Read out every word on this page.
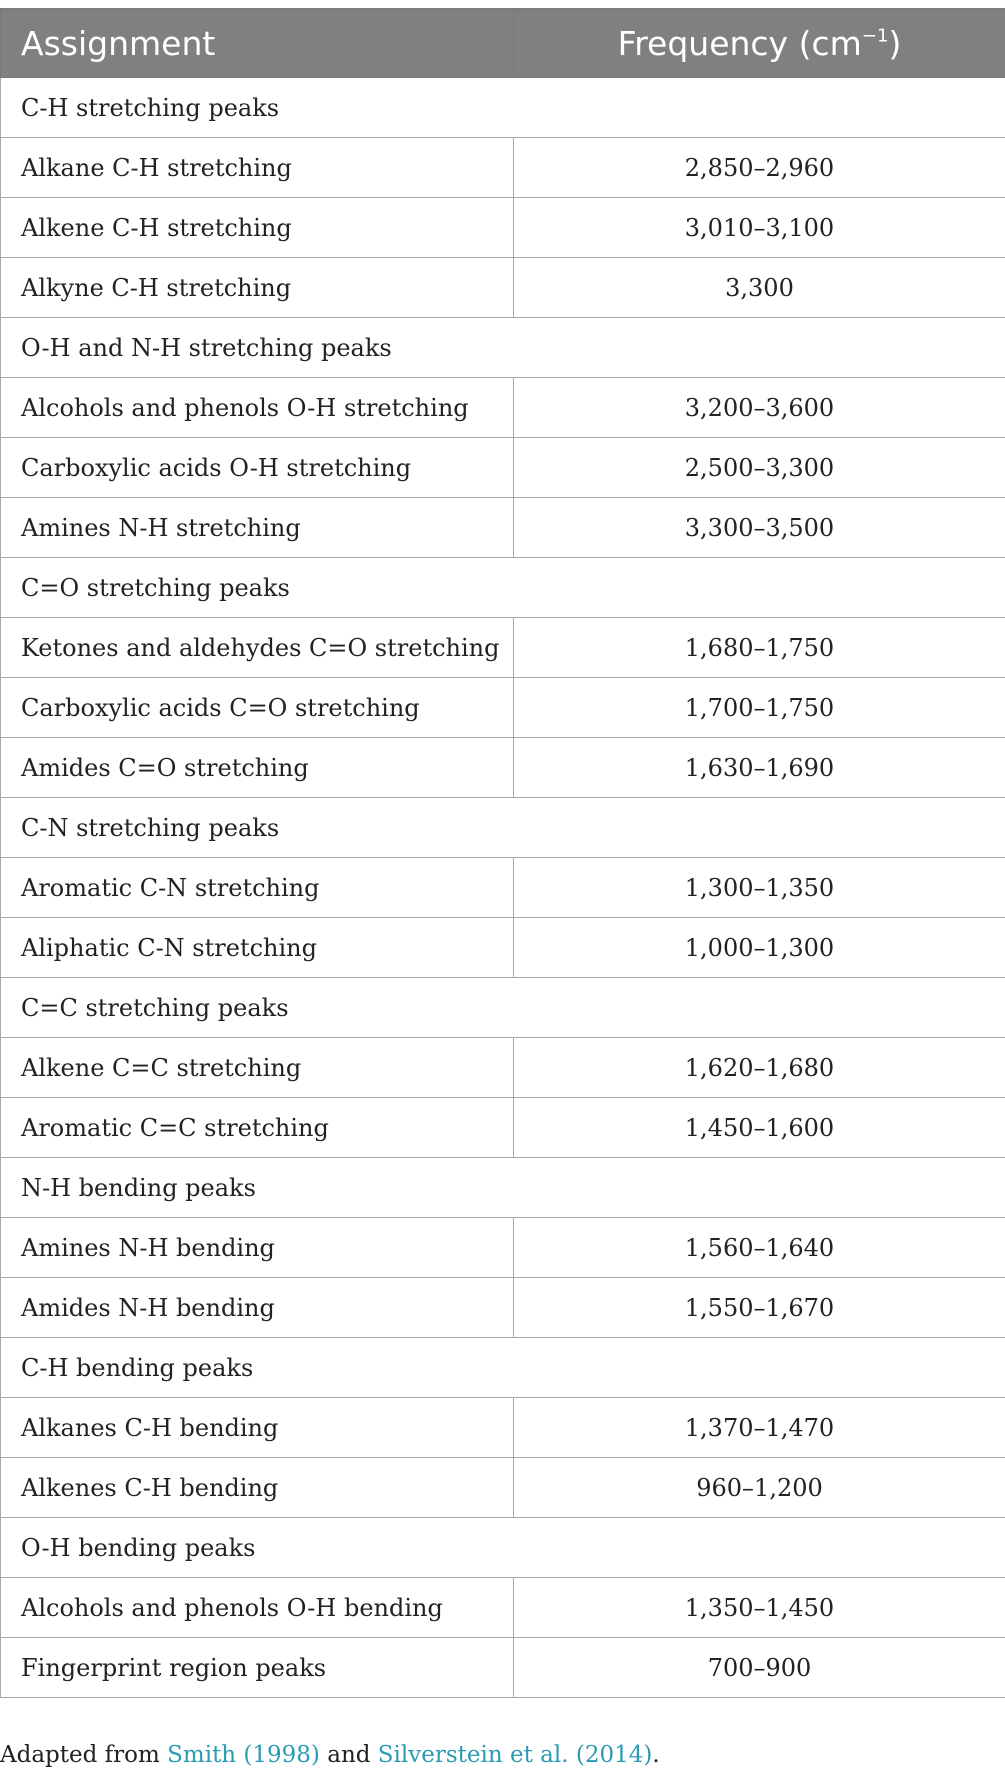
Assignment	Frequency $(cm^{-1})$
C-H stretching peaks	
Alkane C-H stretching	2,850–2,960
Alkene C-H stretching	3,010–3,100
Alkyne C-H stretching	3,300
O-H and N-H stretching peaks	
Alcohols and phenols O-H stretching	3,200–3,600
Carboxylic acids O-H stretching	2,500–3,300
Amines N-H stretching	3,300–3,500
C=O stretching peaks	
Ketones and aldehydes C=O stretching	1,680–1,750
Carboxylic acids C=O stretching	1,700–1,750
Amides C=O stretching	1,630–1,690
C-N stretching peaks	
Aromatic C-N stretching	1,300–1,350
Aliphatic C-N stretching	1,000–1,300
C=C stretching peaks	
Alkene C=C stretching	1,620–1,680
Aromatic C=C stretching	1,450–1,600
N-H bending peaks	
Amines N-H bending	1,560–1,640
Amides N-H bending	1,550–1,670
C-H bending peaks	
Alkanes C-H bending	1,370–1,470
Alkenes C-H bending	960–1,200
O-H bending peaks	
Alcohols and phenols O-H bending	1,350–1,450
Fingerprint region peaks	700–900
Adapted from Smith (1998) and Silverstein et al. (2014).
